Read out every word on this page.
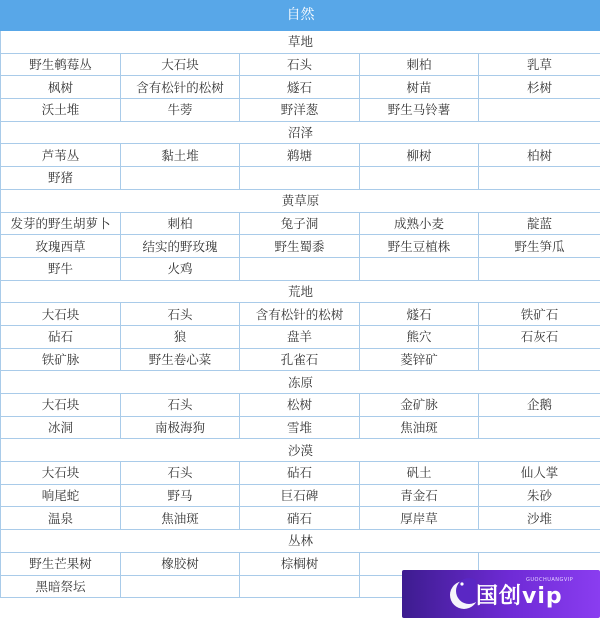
自然				
草地				
野生鹌莓丛	大石块	石头	刺柏	乳草
枫树	含有松针的松树	燧石	树苗	杉树
沃土堆	牛蒡	野洋葱	野生马铃薯	
沼泽				
芦苇丛	黏土堆	鹈塘	柳树	柏树
野猪				
黄草原				
发芽的野生胡萝卜	刺柏	兔子洞	成熟小麦	靛蓝
玫瑰西草	结实的野玫瑰	野生蜀黍	野生豆植株	野生笋瓜
野牛	火鸡			
荒地				
大石块	石头	含有松针的松树	燧石	铁矿石
砧石	狼	盘羊	熊穴	石灰石
铁矿脉	野生卷心菜	孔雀石	菱锌矿	
冻原				
大石块	石头	松树	金矿脉	企鹅
冰洞	南极海狗	雪堆	焦油斑	
沙漠				
大石块	石头	砧石	矾土	仙人掌
响尾蛇	野马	巨石碑	青金石	朱砂
温泉	焦油斑	硝石	厚岸草	沙堆
丛林				
野生芒果树	橡胶树	棕榈树		
黑暗祭坛					国创vip
GUOCHUANGVIP
